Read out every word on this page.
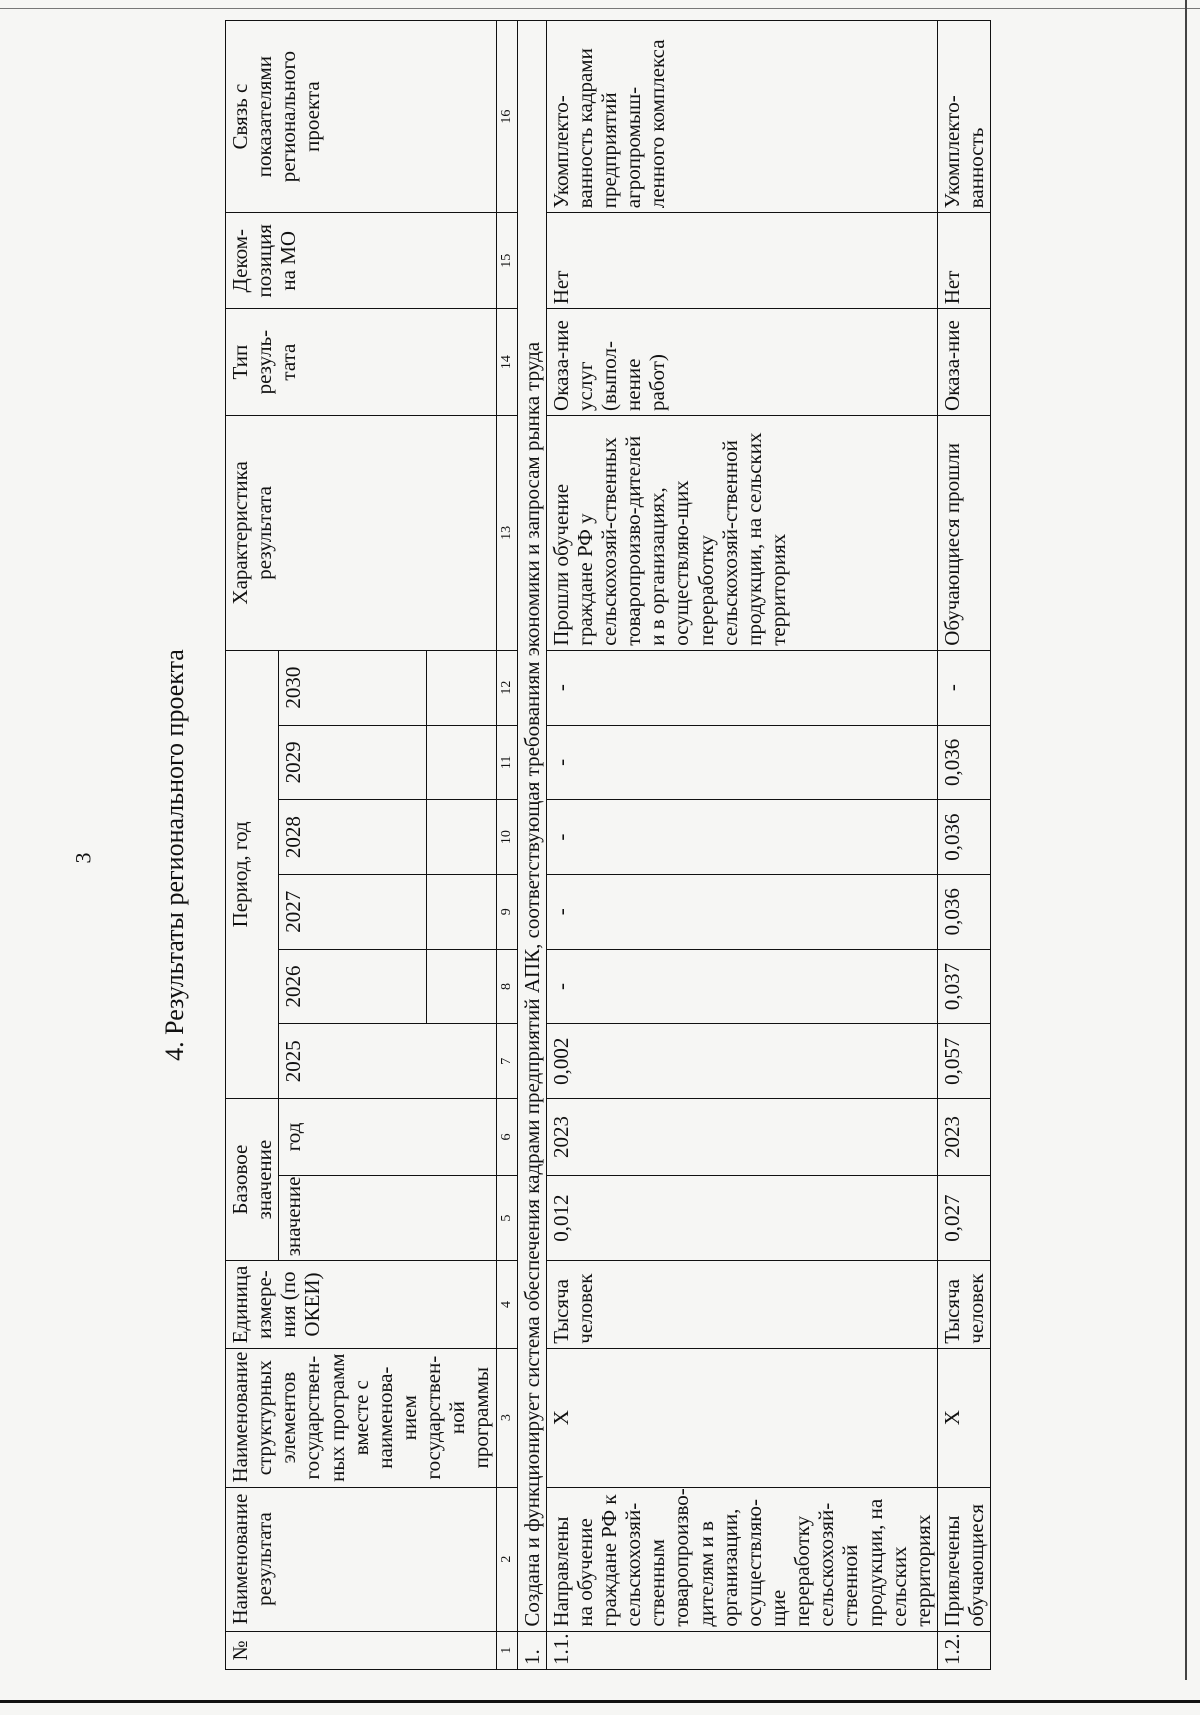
3 4. Результаты регионального проекта
№	Наименование результата	Наименование структурных элементов государствен-ных программ вместе с наименова-нием государствен-ной программы	Единица измере-ния (по ОКЕИ)	Базовое значение		Период, год						Характеристика результата	Тип резуль-тата	Деком-позиция на МО	Связь с показателями регионального проекта
				значение	год	2025	2026	2027	2028	2029	2030				

1	2	3	4	5	6	7	8	9	10	11	12	13	14	15	16
1.	Создана и функционирует система обеспечения кадрами предприятий АПК, соответствующая требованиям экономики и запросам рынка труда														
1.1.	Направлены на обучение граждане РФ к сельскохозяй-ственным товаропроизво-дителям и в организации, осуществляю-щие переработку сельскохозяй-ственной продукции, на сельских территориях	Х	Тысяча человек	0,012	2023	0,002	-	-	-	-	-	Прошли обучение граждане РФ у сельскохозяй-ственных товаропроизво-дителей и в организациях, осуществляю-щих переработку сельскохозяй-ственной продукции, на сельских территориях	Оказа-ние услуг (выпол-нение работ)	Нет	Укомплекто-ванность кадрами предприятий агропромыш-ленного комплекса
1.2.	Привлечены обучающиеся	Х	Тысяча человек	0,027	2023	0,057	0,037	0,036	0,036	0,036	-	Обучающиеся прошли	Оказа-ние	Нет	Укомплекто-ванность
